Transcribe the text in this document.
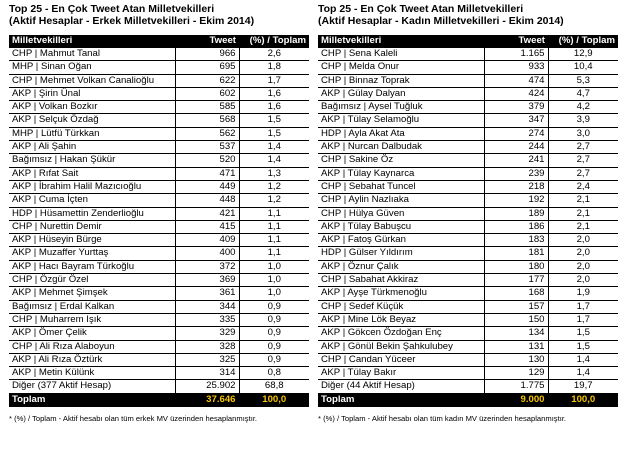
Top 25 - En Çok Tweet Atan Milletvekilleri
(Aktif Hesaplar - Erkek Milletvekilleri - Ekim 2014)
Milletvekilleri	Tweet	(%) / Toplam
CHP | Mahmut Tanal	966	2,6
MHP | Sinan Oğan	695	1,8
CHP | Mehmet Volkan Canalioğlu	622	1,7
AKP | Şirin Ünal	602	1,6
AKP | Volkan Bozkır	585	1,6
AKP | Selçuk Özdağ	568	1,5
MHP | Lütfü Türkkan	562	1,5
AKP | Ali Şahin	537	1,4
Bağımsız | Hakan Şükür	520	1,4
AKP | Rıfat Sait	471	1,3
AKP | İbrahim Halil Mazıcıoğlu	449	1,2
AKP | Cuma İçten	448	1,2
HDP | Hüsamettin Zenderlioğlu	421	1,1
CHP | Nurettin Demir	415	1,1
AKP | Hüseyin Bürge	409	1,1
AKP | Muzaffer Yurttaş	400	1,1
AKP | Hacı Bayram Türkoğlu	372	1,0
CHP | Özgür Özel	369	1,0
AKP | Mehmet Şimşek	361	1,0
Bağımsız | Erdal Kalkan	344	0,9
CHP | Muharrem Işık	335	0,9
AKP | Ömer Çelik	329	0,9
CHP | Ali Rıza Alaboyun	328	0,9
AKP | Ali Rıza Öztürk	325	0,9
AKP | Metin Külünk	314	0,8
Diğer (377 Aktif Hesap)	25.902	68,8
Toplam	37.646	100,0
* (%) / Toplam - Aktif hesabı olan tüm erkek MV üzerinden hesaplanmıştır.
Top 25 - En Çok Tweet Atan Milletvekilleri
(Aktif Hesaplar - Kadın Milletvekilleri - Ekim 2014)
Milletvekilleri	Tweet	(%) / Toplam
CHP | Sena Kaleli	1.165	12,9
CHP | Melda Onur	933	10,4
CHP | Binnaz Toprak	474	5,3
AKP | Gülay Dalyan	424	4,7
Bağımsız | Aysel Tuğluk	379	4,2
AKP | Tülay Selamoğlu	347	3,9
HDP | Ayla Akat Ata	274	3,0
AKP | Nurcan Dalbudak	244	2,7
CHP | Sakine Öz	241	2,7
AKP | Tülay Kaynarca	239	2,7
CHP | Sebahat Tuncel	218	2,4
CHP | Aylin Nazlıaka	192	2,1
CHP | Hülya Güven	189	2,1
AKP | Tülay Babuşcu	186	2,1
AKP | Fatoş Gürkan	183	2,0
HDP | Gülser Yıldırım	181	2,0
AKP | Öznur Çalık	180	2,0
CHP | Sabahat Akkiraz	177	2,0
AKP | Ayşe Türkmenoğlu	168	1,9
CHP | Sedef Küçük	157	1,7
AKP | Mine Lök Beyaz	150	1,7
AKP | Gökcen Özdoğan Enç	134	1,5
AKP | Gönül Bekin Şahkulubey	131	1,5
CHP | Candan Yüceer	130	1,4
AKP | Tülay Bakır	129	1,4
Diğer (44 Aktif Hesap)	1.775	19,7
Toplam	9.000	100,0
* (%) / Toplam - Aktif hesabı olan tüm kadın MV üzerinden hesaplanmıştır.
